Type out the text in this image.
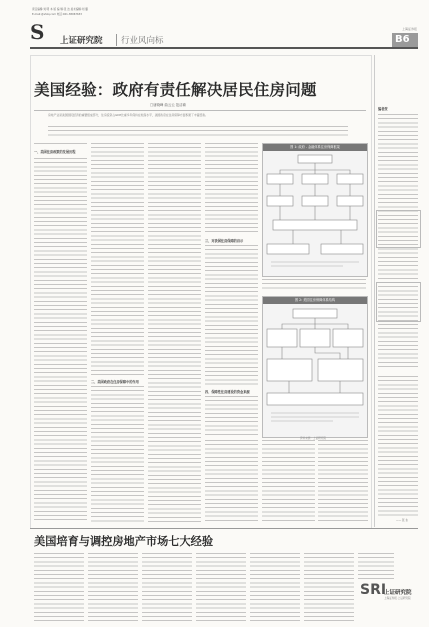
责任编辑:刘 明 本 版 编 辑:张 洁 美术编辑:刘 璐
E-mail:@shzq.com 电话:021-38967633
S 上证研究院 行业风向标
上海证券报
B6
美国经验：政府有责任解决居民住房问题
□唐晓峰 曲云云 范洁瑜
房地产业是美国国民经济的重要组成部分，住房投资占GDP比重多年保持在较高水平，美国政府在住房保障方面积累了丰富经验。
一、美国住房政策的发展历程
二、美国政府在住房保障中的作用
三、对我国住房保障的启示
图 1: 政府 - 金融体系住房保障框架
图 2: 美国住房保障体系结构
资料来源：上证研究院
四、保障性住房建设的资金来源
编者按
—— 张 永
美国培育与调控房地产市场七大经验
SRI
上证研究院
上海证券报·上证研究院
